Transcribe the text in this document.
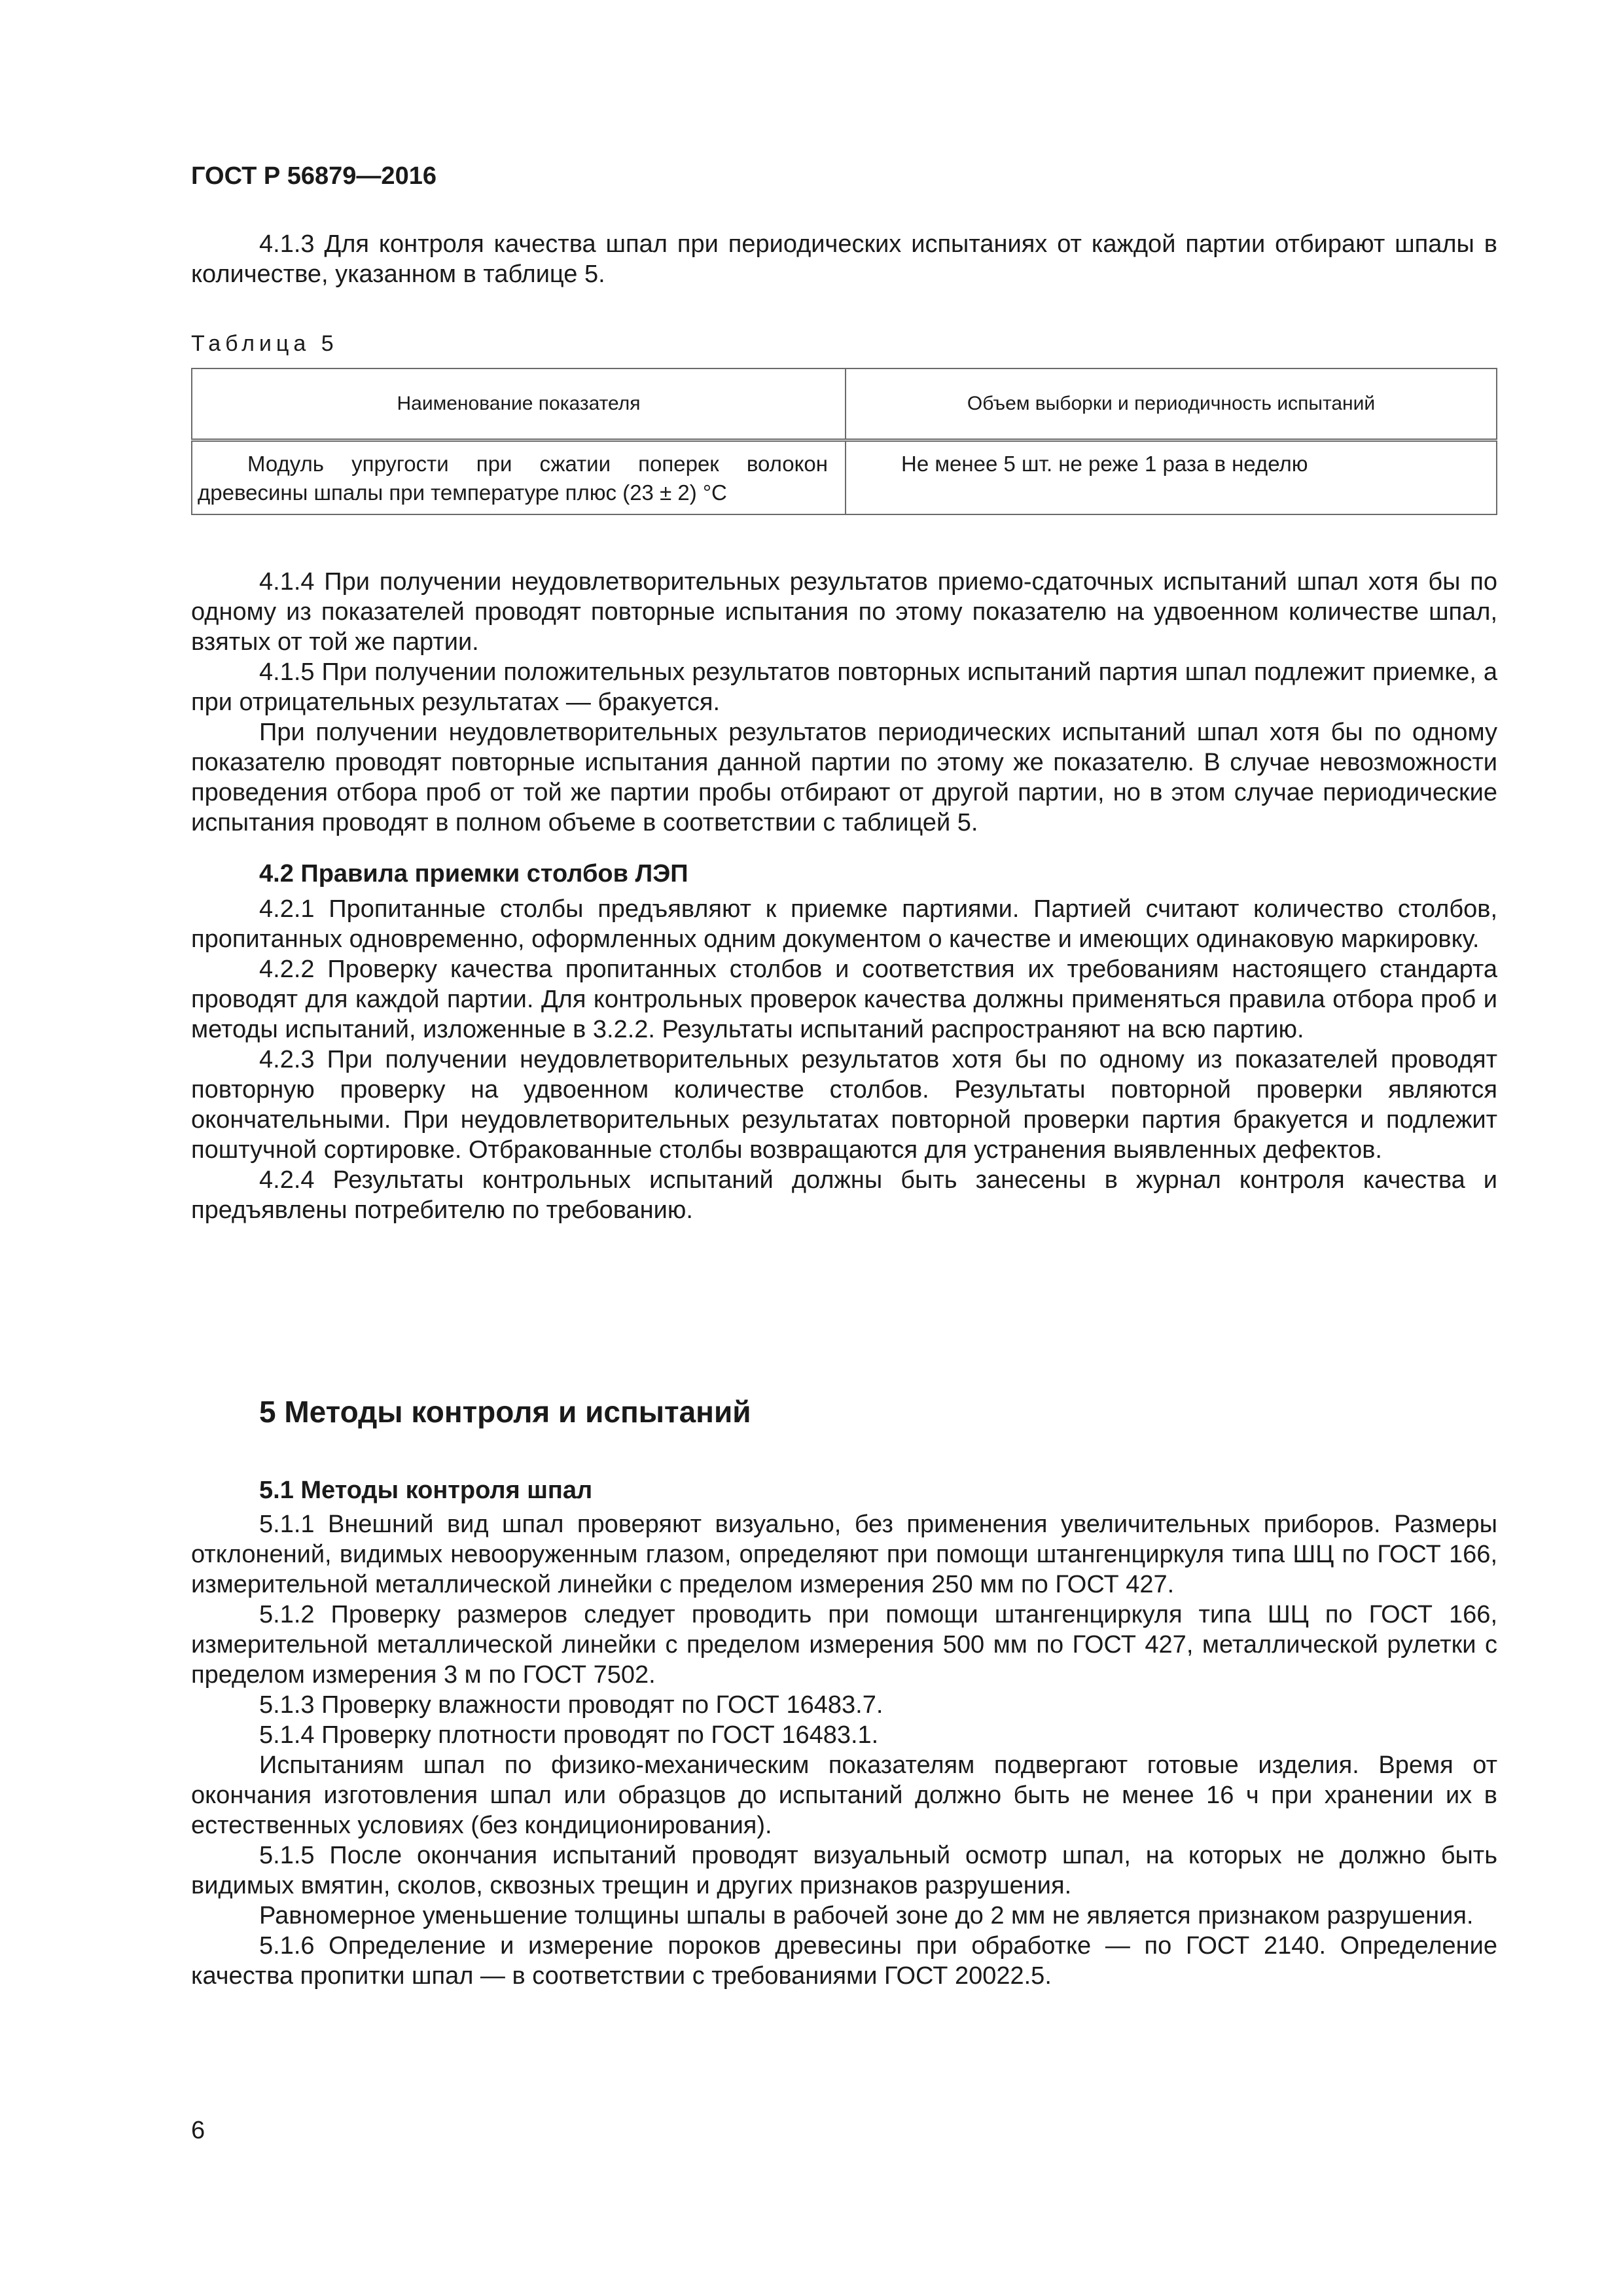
ГОСТ Р 56879—2016

4.1.3 Для контроля качества шпал при периодических испытаниях от каждой партии отбирают шпалы в количестве, указанном в таблице 5.

Таблица 5
Наименование показателя	Объем выборки и периодичность испытаний
Модуль упругости при сжатии поперек волокон древесины шпалы при температуре плюс (23 ± 2) °C	Не менее 5 шт. не реже 1 раза в неделю

4.1.4 При получении неудовлетворительных результатов приемо-сдаточных испытаний шпал хотя бы по одному из показателей проводят повторные испытания по этому показателю на удвоенном количестве шпал, взятых от той же партии.

4.1.5 При получении положительных результатов повторных испытаний партия шпал подлежит приемке, а при отрицательных результатах — бракуется.

При получении неудовлетворительных результатов периодических испытаний шпал хотя бы по одному показателю проводят повторные испытания данной партии по этому же показателю. В случае невозможности проведения отбора проб от той же партии пробы отбирают от другой партии, но в этом случае периодические испытания проводят в полном объеме в соответствии с таблицей 5.

4.2 Правила приемки столбов ЛЭП

4.2.1 Пропитанные столбы предъявляют к приемке партиями. Партией считают количество столбов, пропитанных одновременно, оформленных одним документом о качестве и имеющих одинаковую маркировку.

4.2.2 Проверку качества пропитанных столбов и соответствия их требованиям настоящего стандарта проводят для каждой партии. Для контрольных проверок качества должны применяться правила отбора проб и методы испытаний, изложенные в 3.2.2. Результаты испытаний распространяют на всю партию.

4.2.3 При получении неудовлетворительных результатов хотя бы по одному из показателей проводят повторную проверку на удвоенном количестве столбов. Результаты повторной проверки являются окончательными. При неудовлетворительных результатах повторной проверки партия бракуется и подлежит поштучной сортировке. Отбракованные столбы возвращаются для устранения выявленных дефектов.

4.2.4 Результаты контрольных испытаний должны быть занесены в журнал контроля качества и предъявлены потребителю по требованию.

5 Методы контроля и испытаний
5.1 Методы контроля шпал

5.1.1 Внешний вид шпал проверяют визуально, без применения увеличительных приборов. Размеры отклонений, видимых невооруженным глазом, определяют при помощи штангенциркуля типа ШЦ по ГОСТ 166, измерительной металлической линейки с пределом измерения 250 мм по ГОСТ 427.

5.1.2 Проверку размеров следует проводить при помощи штангенциркуля типа ШЦ по ГОСТ 166, измерительной металлической линейки с пределом измерения 500 мм по ГОСТ 427, металлической рулетки с пределом измерения 3 м по ГОСТ 7502.

5.1.3 Проверку влажности проводят по ГОСТ 16483.7.

5.1.4 Проверку плотности проводят по ГОСТ 16483.1.

Испытаниям шпал по физико-механическим показателям подвергают готовые изделия. Время от окончания изготовления шпал или образцов до испытаний должно быть не менее 16 ч при хранении их в естественных условиях (без кондиционирования).

5.1.5 После окончания испытаний проводят визуальный осмотр шпал, на которых не должно быть видимых вмятин, сколов, сквозных трещин и других признаков разрушения.

Равномерное уменьшение толщины шпалы в рабочей зоне до 2 мм не является признаком разрушения.

5.1.6 Определение и измерение пороков древесины при обработке — по ГОСТ 2140. Определение качества пропитки шпал — в соответствии с требованиями ГОСТ 20022.5.

6
